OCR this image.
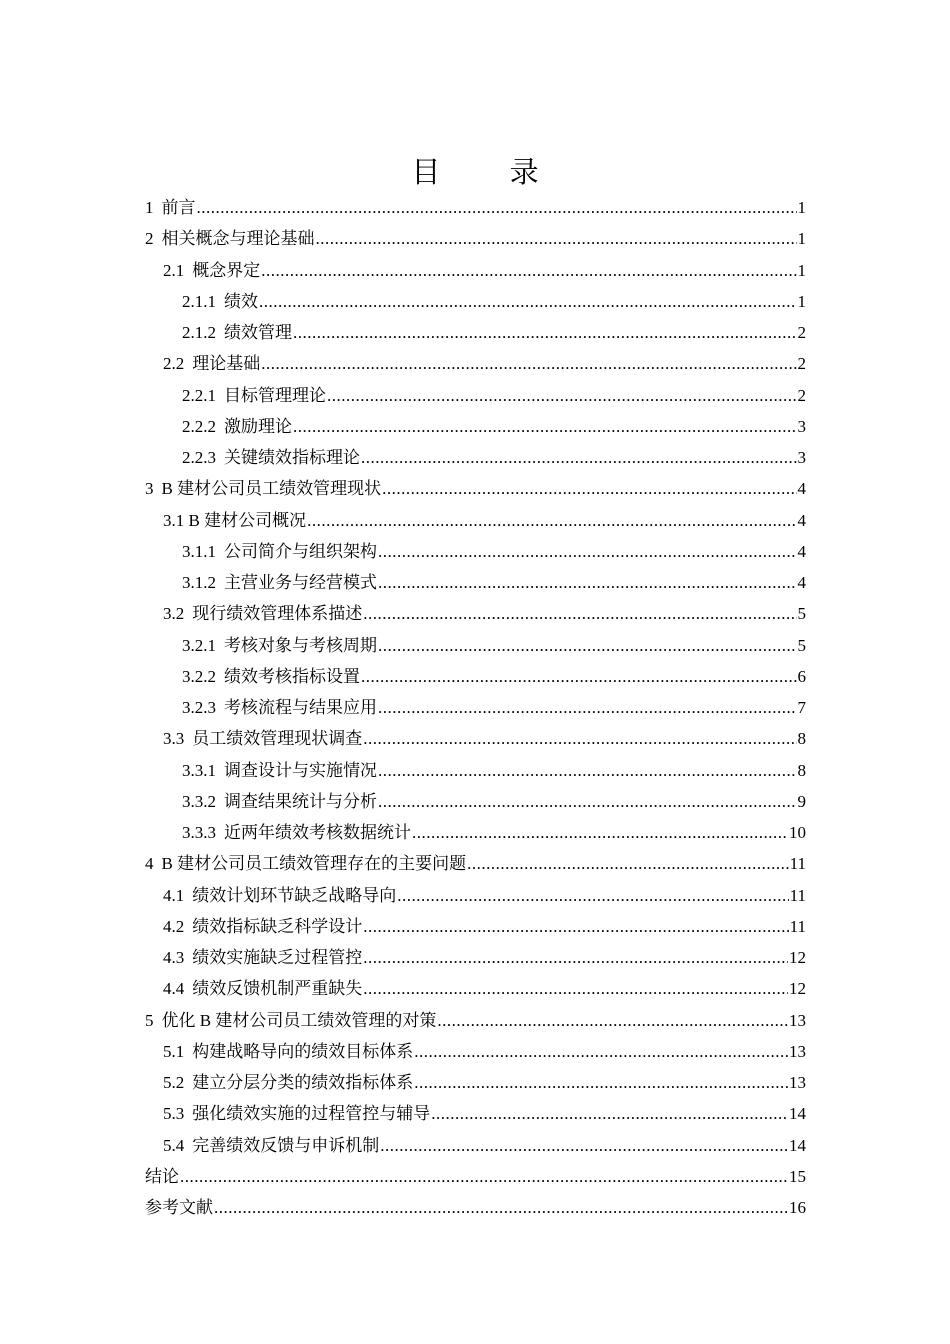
目 录
1 前言 .....	1
2 相关概念与理论基础 .....	1
2.1 概念界定 .....	1
2.1.1 绩效 .....	1
2.1.2 绩效管理 .....	2
2.2 理论基础 .....	2
2.2.1 目标管理理论 .....	2
2.2.2 激励理论 .....	3
2.2.3 关键绩效指标理论 .....	3
3 B 建材公司员工绩效管理现状 .....	4
3.1 B 建材公司概况 .....	4
3.1.1 公司简介与组织架构 .....	4
3.1.2 主营业务与经营模式 .....	4
3.2 现行绩效管理体系描述 .....	5
3.2.1 考核对象与考核周期 .....	5
3.2.2 绩效考核指标设置 .....	6
3.2.3 考核流程与结果应用 .....	7
3.3 员工绩效管理现状调查 .....	8
3.3.1 调查设计与实施情况 .....	8
3.3.2 调查结果统计与分析 .....	9
3.3.3 近两年绩效考核数据统计 .....	10
4 B 建材公司员工绩效管理存在的主要问题 .....	11
4.1 绩效计划环节缺乏战略导向 .....	11
4.2 绩效指标缺乏科学设计 .....	11
4.3 绩效实施缺乏过程管控 .....	12
4.4 绩效反馈机制严重缺失 .....	12
5 优化 B 建材公司员工绩效管理的对策 .....	13
5.1 构建战略导向的绩效目标体系 .....	13
5.2 建立分层分类的绩效指标体系 .....	13
5.3 强化绩效实施的过程管控与辅导 .....	14
5.4 完善绩效反馈与申诉机制 .....	14
结论 .....	15
参考文献 .....	16
